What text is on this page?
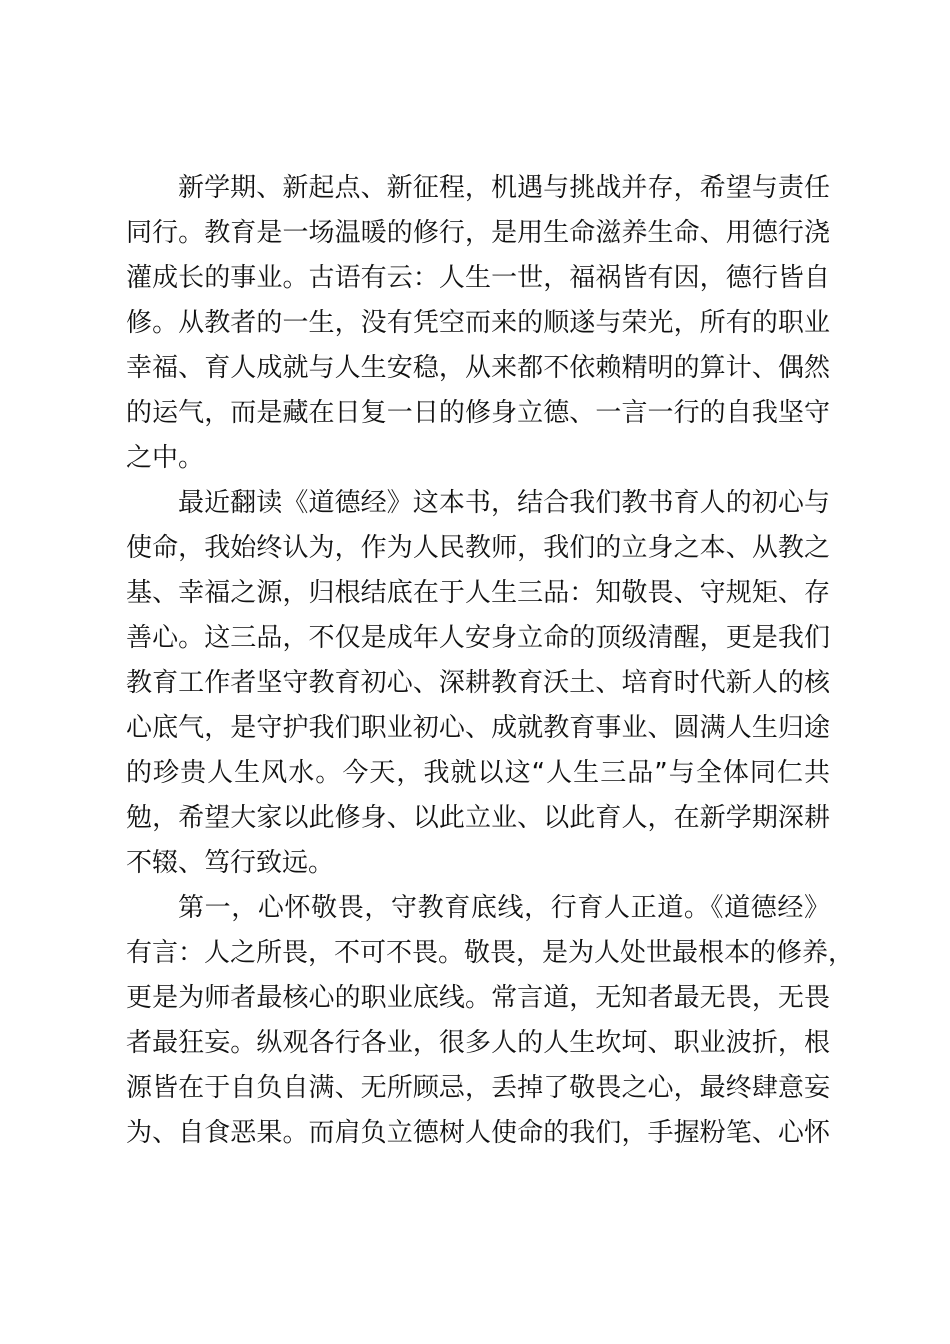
新学期、新起点、新征程，机遇与挑战并存，希望与责任
同行。教育是一场温暖的修行，是用生命滋养生命、用德行浇
灌成长的事业。古语有云：人生一世，福祸皆有因，德行皆自
修。从教者的一生，没有凭空而来的顺遂与荣光，所有的职业
幸福、育人成就与人生安稳，从来都不依赖精明的算计、偶然
的运气，而是藏在日复一日的修身立德、一言一行的自我坚守
之中。
最近翻读《道德经》这本书，结合我们教书育人的初心与
使命，我始终认为，作为人民教师，我们的立身之本、从教之
基、幸福之源，归根结底在于人生三品：知敬畏、守规矩、存
善心。这三品，不仅是成年人安身立命的顶级清醒，更是我们
教育工作者坚守教育初心、深耕教育沃土、培育时代新人的核
心底气，是守护我们职业初心、成就教育事业、圆满人生归途
的珍贵人生风水。今天，我就以这“人生三品”与全体同仁共
勉，希望大家以此修身、以此立业、以此育人，在新学期深耕
不辍、笃行致远。
第一，心怀敬畏，守教育底线，行育人正道。《道德经》
有言：人之所畏，不可不畏。敬畏，是为人处世最根本的修养，
更是为师者最核心的职业底线。常言道，无知者最无畏，无畏
者最狂妄。纵观各行各业，很多人的人生坎坷、职业波折，根
源皆在于自负自满、无所顾忌，丢掉了敬畏之心，最终肆意妄
为、自食恶果。而肩负立德树人使命的我们，手握粉笔、心怀
